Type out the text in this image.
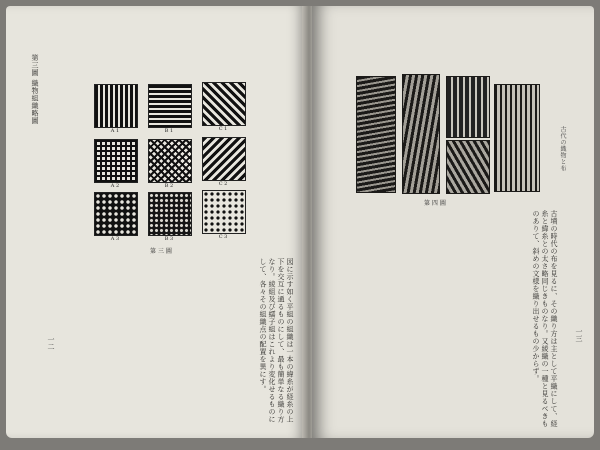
第三圖 織物組織略圖
A 1	B 1	C 1
A 2	B 2	C 2
A 3	B 3	C 3
第 三 圖
図に示す如く平組の組織は一本の緯糸が経糸の上下を交互に通るものにして、最も簡単なる織り方なり。綾組及び繻子組はこれより変化せるものにして、各々その組織点の配置を異にす。
一二
古代の織物と布
第 四 圖
古墳の時代の布を見るに、その織り方は主として平織にして、経糸と緯糸との太さ略同じきものなり。又綾織の一種と見るべきものありて、斜めの文様を織り出せるもの少からず。	一三
